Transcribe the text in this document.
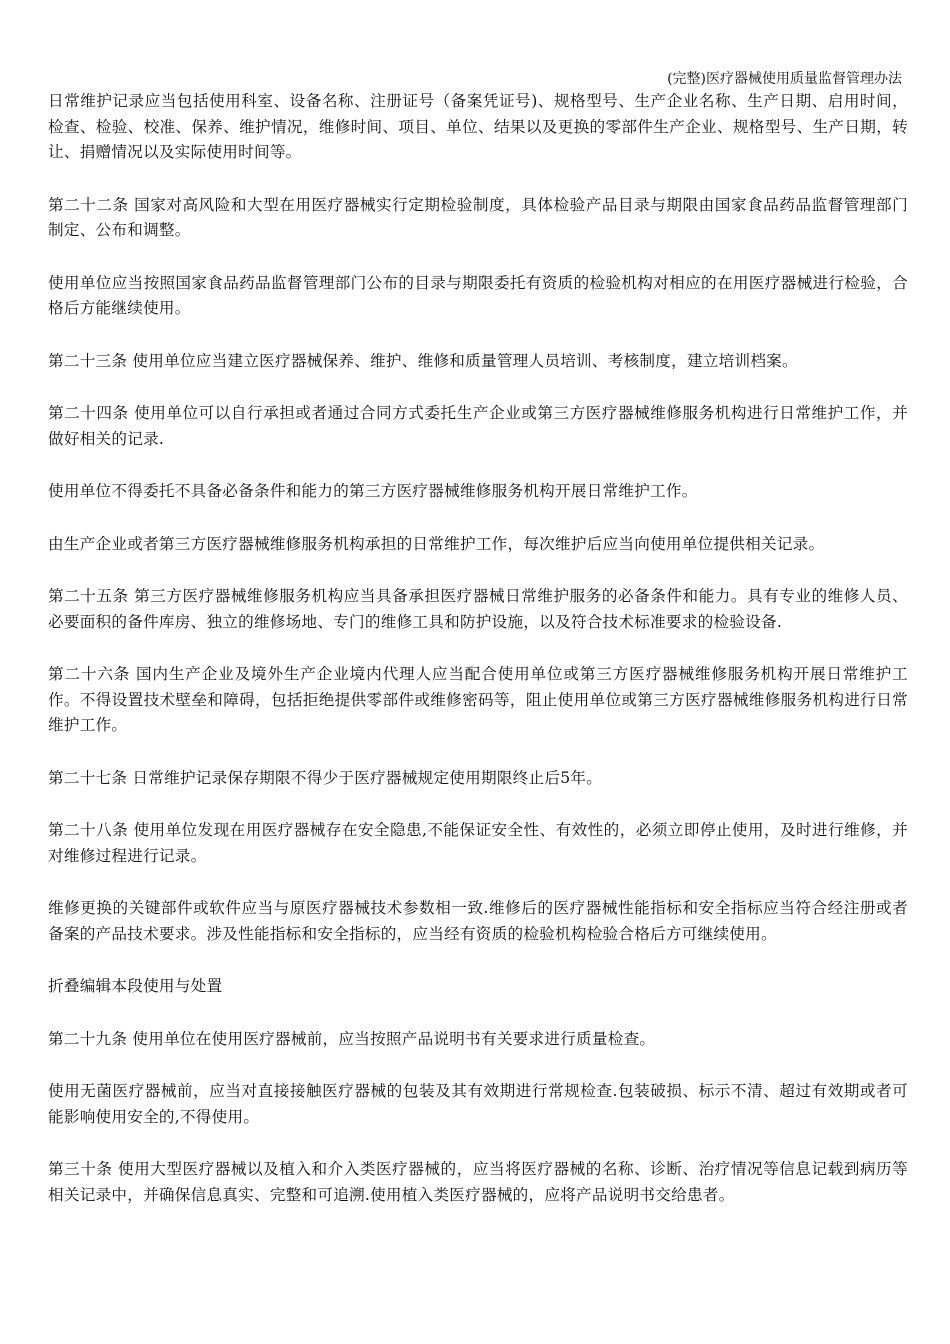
(完整)医疗器械使用质量监督管理办法

日常维护记录应当包括使用科室、设备名称、注册证号（备案凭证号)、规格型号、生产企业名称、生产日期、启用时间，检查、检验、校准、保养、维护情况，维修时间、项目、单位、结果以及更换的零部件生产企业、规格型号、生产日期，转让、捐赠情况以及实际使用时间等。

第二十二条 国家对高风险和大型在用医疗器械实行定期检验制度，具体检验产品目录与期限由国家食品药品监督管理部门制定、公布和调整。

使用单位应当按照国家食品药品监督管理部门公布的目录与期限委托有资质的检验机构对相应的在用医疗器械进行检验，合格后方能继续使用。

第二十三条 使用单位应当建立医疗器械保养、维护、维修和质量管理人员培训、考核制度，建立培训档案。

第二十四条 使用单位可以自行承担或者通过合同方式委托生产企业或第三方医疗器械维修服务机构进行日常维护工作，并做好相关的记录.

使用单位不得委托不具备必备条件和能力的第三方医疗器械维修服务机构开展日常维护工作。

由生产企业或者第三方医疗器械维修服务机构承担的日常维护工作，每次维护后应当向使用单位提供相关记录。

第二十五条 第三方医疗器械维修服务机构应当具备承担医疗器械日常维护服务的必备条件和能力。具有专业的维修人员、必要面积的备件库房、独立的维修场地、专门的维修工具和防护设施，以及符合技术标准要求的检验设备.

第二十六条 国内生产企业及境外生产企业境内代理人应当配合使用单位或第三方医疗器械维修服务机构开展日常维护工作。不得设置技术壁垒和障碍，包括拒绝提供零部件或维修密码等，阻止使用单位或第三方医疗器械维修服务机构进行日常维护工作。

第二十七条 日常维护记录保存期限不得少于医疗器械规定使用期限终止后5年。

第二十八条 使用单位发现在用医疗器械存在安全隐患,不能保证安全性、有效性的，必须立即停止使用，及时进行维修，并对维修过程进行记录。

维修更换的关键部件或软件应当与原医疗器械技术参数相一致.维修后的医疗器械性能指标和安全指标应当符合经注册或者备案的产品技术要求。涉及性能指标和安全指标的，应当经有资质的检验机构检验合格后方可继续使用。

折叠编辑本段使用与处置

第二十九条 使用单位在使用医疗器械前，应当按照产品说明书有关要求进行质量检查。

使用无菌医疗器械前，应当对直接接触医疗器械的包装及其有效期进行常规检查.包装破损、标示不清、超过有效期或者可能影响使用安全的,不得使用。

第三十条 使用大型医疗器械以及植入和介入类医疗器械的，应当将医疗器械的名称、诊断、治疗情况等信息记载到病历等相关记录中，并确保信息真实、完整和可追溯.使用植入类医疗器械的，应将产品说明书交给患者。
